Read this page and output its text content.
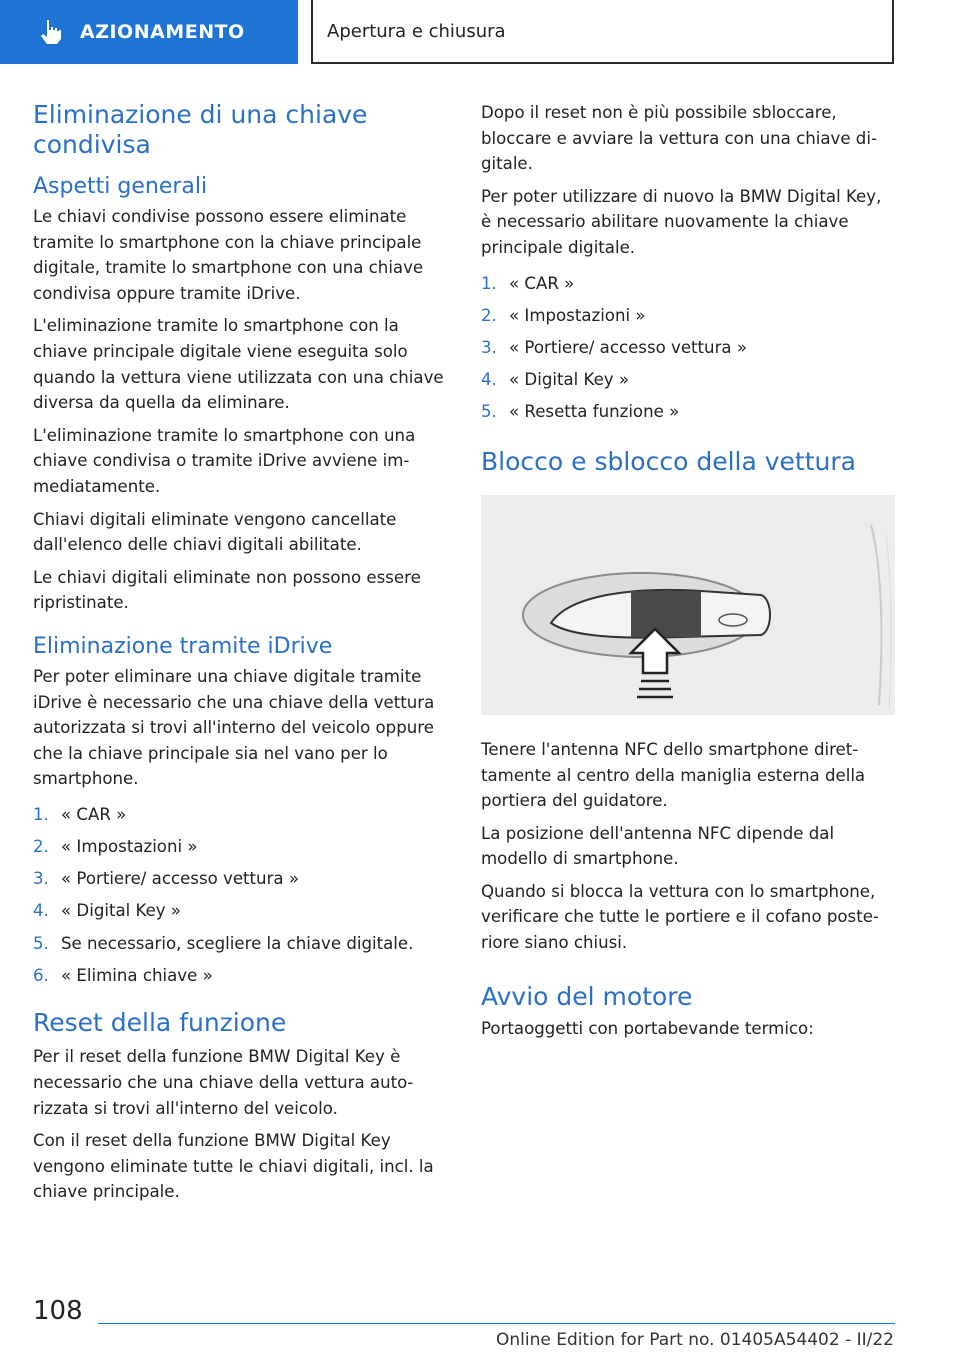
AZIONAMENTO	Apertura e chiusura
Eliminazione di una chiave condivisa
Aspetti generali

Le chiavi condivise possono essere eliminate tramite lo smartphone con la chiave principale digitale, tramite lo smartphone con una chiave condivisa oppure tramite iDrive.

L'eliminazione tramite lo smartphone con la chiave principale digitale viene eseguita solo quando la vettura viene utilizzata con una chiave diversa da quella da eliminare.

L'eliminazione tramite lo smartphone con una chiave condivisa o tramite iDrive avviene immediatamente.

Chiavi digitali eliminate vengono cancellate dall'elenco delle chiavi digitali abilitate.

Le chiavi digitali eliminate non possono essere ripristinate.

Eliminazione tramite iDrive

Per poter eliminare una chiave digitale tramite iDrive è necessario che una chiave della vettura autorizzata si trovi all'interno del veicolo oppure che la chiave principale sia nel vano per lo smartphone.

1. « CAR »
2. « Impostazioni »
3. « Portiere/ accesso vettura »
4. « Digital Key »
5. Se necessario, scegliere la chiave digitale.
6. « Elimina chiave »
Reset della funzione

Per il reset della funzione BMW Digital Key è necessario che una chiave della vettura autorizzata si trovi all'interno del veicolo.

Con il reset della funzione BMW Digital Key vengono eliminate tutte le chiavi digitali, incl. la chiave principale.

Dopo il reset non è più possibile sbloccare, bloccare e avviare la vettura con una chiave digitale.

Per poter utilizzare di nuovo la BMW Digital Key, è necessario abilitare nuovamente la chiave principale digitale.

1. « CAR »
2. « Impostazioni »
3. « Portiere/ accesso vettura »
4. « Digital Key »
5. « Resetta funzione »
Blocco e sblocco della vettura

Tenere l'antenna NFC dello smartphone direttamente al centro della maniglia esterna della portiera del guidatore.

La posizione dell'antenna NFC dipende dal modello di smartphone.

Quando si blocca la vettura con lo smartphone, verificare che tutte le portiere e il cofano posteriore siano chiusi.

Avvio del motore

Portaoggetti con portabevande termico:

108
Online Edition for Part no. 01405A54402 - II/22
